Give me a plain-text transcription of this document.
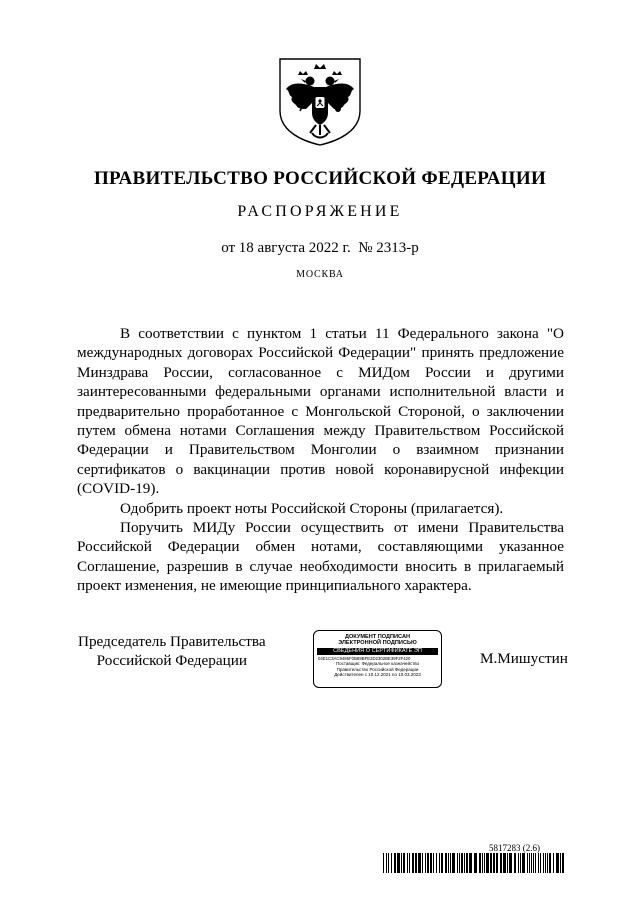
ПРАВИТЕЛЬСТВО РОССИЙСКОЙ ФЕДЕРАЦИИ
РАСПОРЯЖЕНИЕ
от 18 августа 2022 г.  № 2313-р
МОСКВА

В соответствии с пунктом 1 статьи 11 Федерального закона "О международных договорах Российской Федерации" принять предложение Минздрава России, согласованное с МИДом России и другими заинтересованными федеральными органами исполнительной власти и предварительно проработанное с Монгольской Стороной, о заключении путем обмена нотами Соглашения между Правительством Российской Федерации и Правительством Монголии о взаимном признании сертификатов о вакцинации против новой коронавирусной инфекции (COVID-19).

Одобрить проект ноты Российской Стороны (прилагается).

Поручить МИДу России осуществить от имени Правительства Российской Федерации обмен нотами, составляющими указанное Соглашение, разрешив в случае необходимости вносить в прилагаемый проект изменения, не имеющие принципиального характера.

Председатель Правительства
Российской Федерации
ДОКУМЕНТ ПОДПИСАН
ЭЛЕКТРОННОЙ ПОДПИСЬЮ
СВЕДЕНИЯ О СЕРТИФИКАТЕ ЭП
04E1C3AC9486F0B88BFE2D2302BE39F2F420
Поставщик: Федеральное казначейство
Правительство Российской Федерации
Действителен с 10.12.2021 по 10.03.2023
М.Мишустин
5817283 (2.6)
